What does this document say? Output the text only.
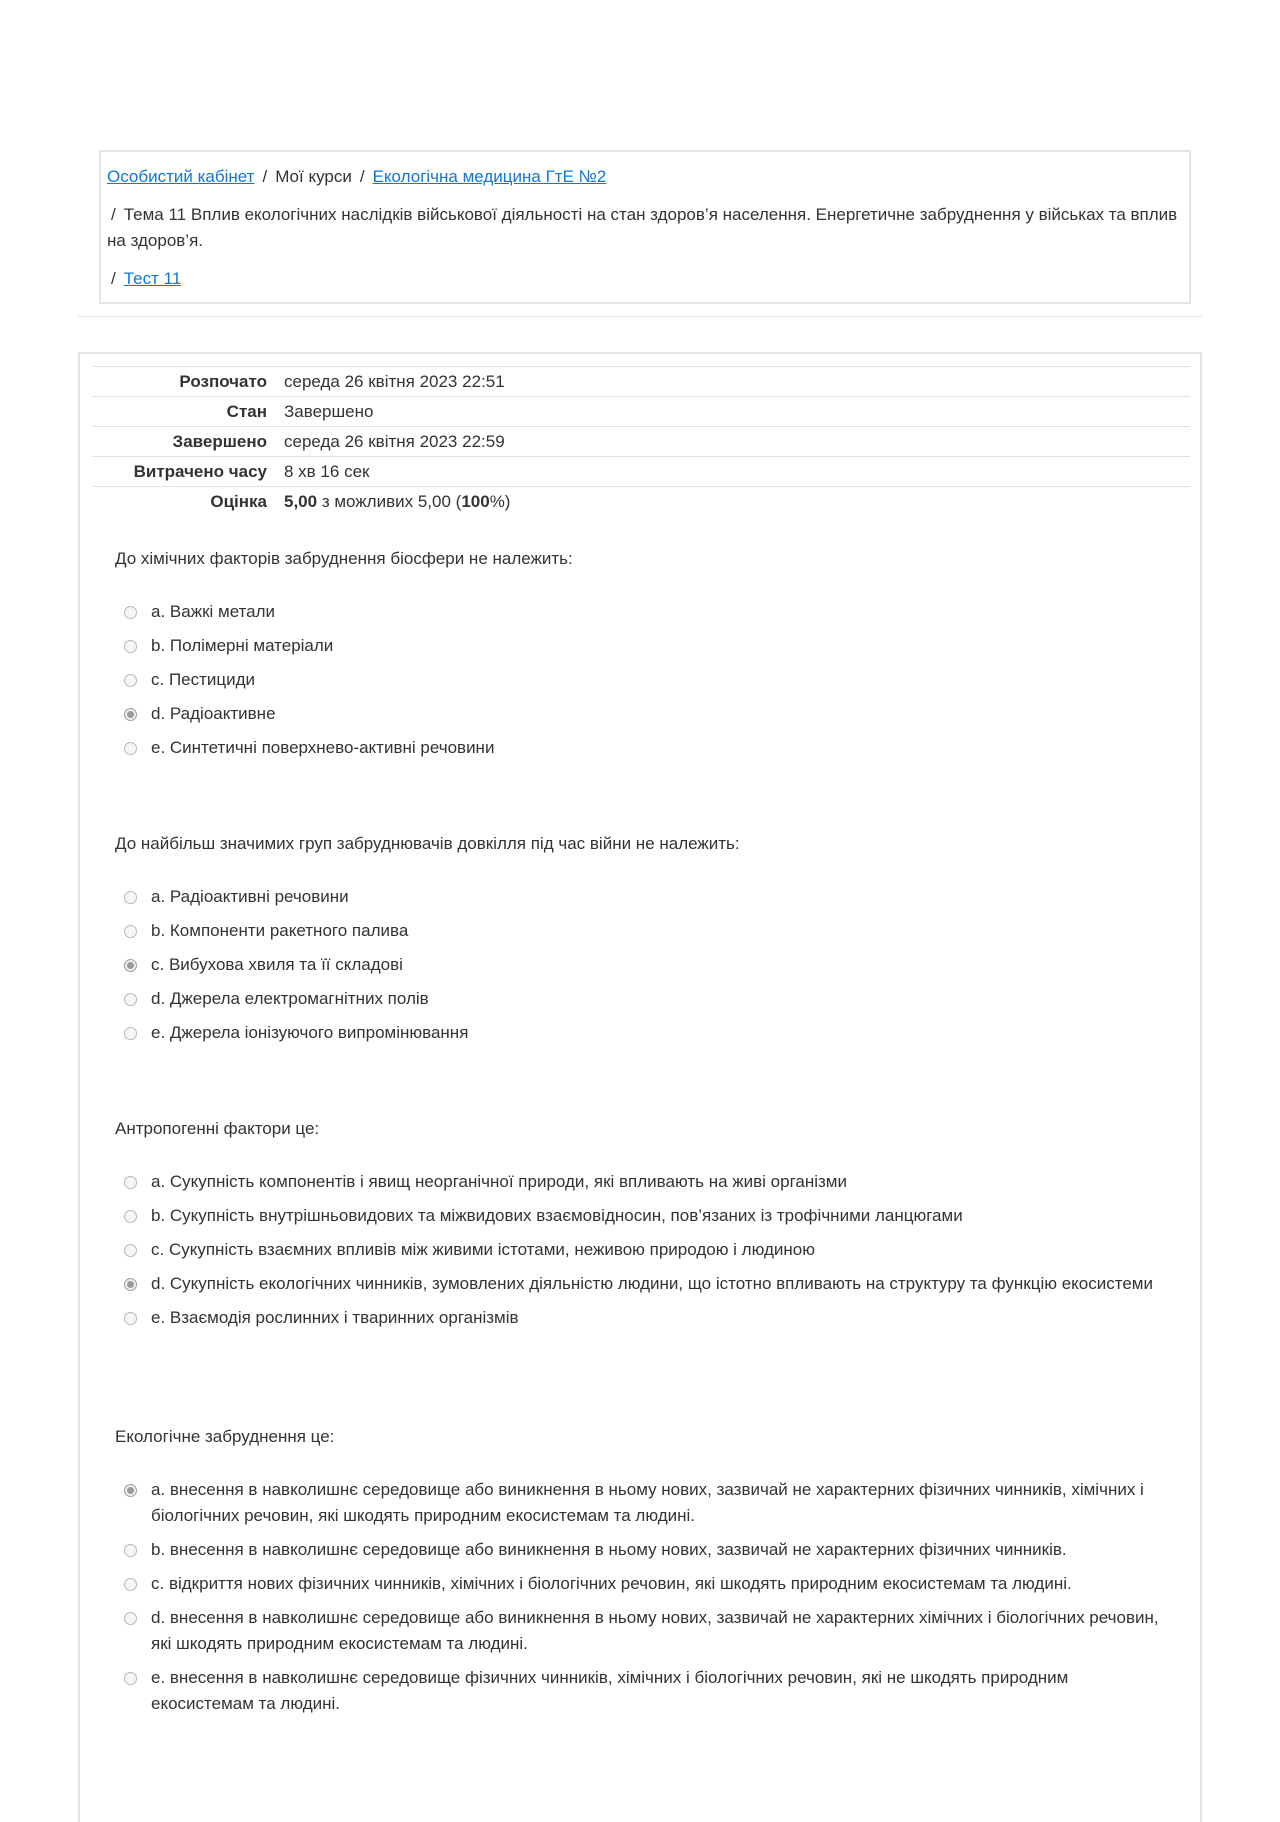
Особистий кабінет / Мої курси / Екологічна медицина ГтЕ №2
/ Тема 11 Вплив екологічних наслідків військової діяльності на стан здоров’я населення. Енергетичне забруднення у військах та вплив на здоров’я.
/ Тест 11
Розпочато	середа 26 квітня 2023 22:51
Стан	Завершено
Завершено	середа 26 квітня 2023 22:59
Витрачено часу	8 хв 16 сек
Оцінка	5,00 з можливих 5,00 (100%)
До хімічних факторів забруднення біосфери не належить:
a. Важкі метали
b. Полімерні матеріали
c. Пестициди
d. Радіоактивне
e. Синтетичні поверхнево-активні речовини
До найбільш значимих груп забруднювачів довкілля під час війни не належить:
a. Радіоактивні речовини
b. Компоненти ракетного палива
c. Вибухова хвиля та її складові
d. Джерела електромагнітних полів
e. Джерела іонізуючого випромінювання
Антропогенні фактори це:
a. Сукупність компонентів і явищ неорганічної природи, які впливають на живі організми
b. Сукупність внутрішньовидових та міжвидових взаємовідносин, пов’язаних із трофічними ланцюгами
c. Сукупність взаємних впливів між живими істотами, неживою природою і людиною
d. Сукупність екологічних чинників, зумовлених діяльністю людини, що істотно впливають на структуру та функцію екосистеми
e. Взаємодія рослинних і тваринних організмів
Екологічне забруднення це:
a. внесення в навколишнє середовище або виникнення в ньому нових, зазвичай не характерних фізичних чинників, хімічних і біологічних речовин, які шкодять природним екосистемам та людині.
b. внесення в навколишнє середовище або виникнення в ньому нових, зазвичай не характерних фізичних чинників.
c. відкриття нових фізичних чинників, хімічних і біологічних речовин, які шкодять природним екосистемам та людині.
d. внесення в навколишнє середовище або виникнення в ньому нових, зазвичай не характерних хімічних і біологічних речовин, які шкодять природним екосистемам та людині.
e. внесення в навколишнє середовище фізичних чинників, хімічних і біологічних речовин, які не шкодять природним екосистемам та людині.
